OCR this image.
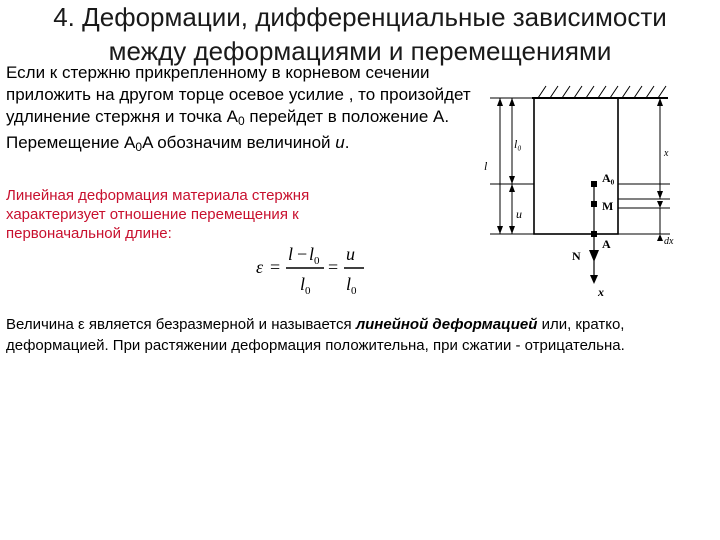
4. Деформации, дифференциальные зависимости
между деформациями и перемещениями
Если к стержню прикрепленному в корневом сечении приложить на другом торце осевое усилие , то произойдет удлинение стержня и точка $A_0$ перейдет в положение A. Перемещение $A_0A$ обозначим величиной u.
Линейная деформация материала стержня характеризует отношение перемещения к первоначальной длине:
ε =
l − l 0
l 0
=
u
l 0
Величина ε является безразмерной и называется линейной деформацией или, кратко, деформацией. При растяжении деформация положительна, при сжатии - отрицательна.
l₀
l
u
x
A₀
M
A	dx
N
x
